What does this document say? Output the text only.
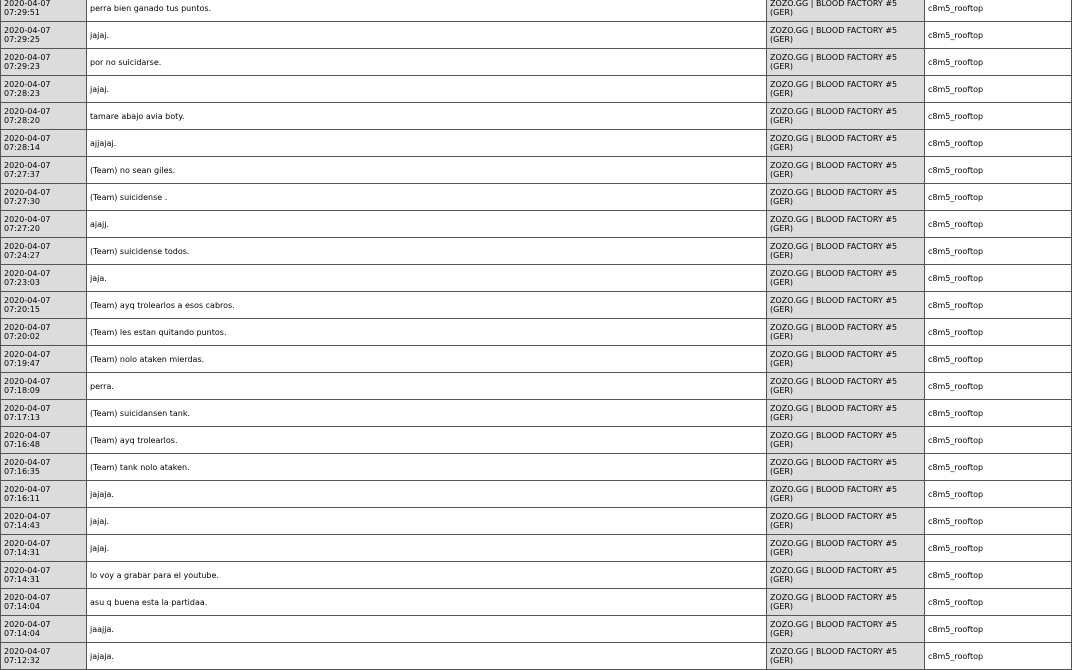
2020-04-07
07:29:51	perra bien ganado tus puntos.	ZOZO.GG | BLOOD FACTORY #5
(GER)	c8m5_rooftop

2020-04-07
07:29:25	jajaj.	ZOZO.GG | BLOOD FACTORY #5
(GER)	c8m5_rooftop

2020-04-07
07:29:23	por no suicidarse.	ZOZO.GG | BLOOD FACTORY #5
(GER)	c8m5_rooftop

2020-04-07
07:28:23	jajaj.	ZOZO.GG | BLOOD FACTORY #5
(GER)	c8m5_rooftop

2020-04-07
07:28:20	tamare abajo avia boty.	ZOZO.GG | BLOOD FACTORY #5
(GER)	c8m5_rooftop

2020-04-07
07:28:14	ajjajaj.	ZOZO.GG | BLOOD FACTORY #5
(GER)	c8m5_rooftop

2020-04-07
07:27:37	(Team) no sean giles.	ZOZO.GG | BLOOD FACTORY #5
(GER)	c8m5_rooftop

2020-04-07
07:27:30	(Team) suicidense .	ZOZO.GG | BLOOD FACTORY #5
(GER)	c8m5_rooftop

2020-04-07
07:27:20	ajajj.	ZOZO.GG | BLOOD FACTORY #5
(GER)	c8m5_rooftop

2020-04-07
07:24:27	(Team) suicidense todos.	ZOZO.GG | BLOOD FACTORY #5
(GER)	c8m5_rooftop

2020-04-07
07:23:03	jaja.	ZOZO.GG | BLOOD FACTORY #5
(GER)	c8m5_rooftop

2020-04-07
07:20:15	(Team) ayq trolearlos a esos cabros.	ZOZO.GG | BLOOD FACTORY #5
(GER)	c8m5_rooftop

2020-04-07
07:20:02	(Team) les estan quitando puntos.	ZOZO.GG | BLOOD FACTORY #5
(GER)	c8m5_rooftop

2020-04-07
07:19:47	(Team) nolo ataken mierdas.	ZOZO.GG | BLOOD FACTORY #5
(GER)	c8m5_rooftop

2020-04-07
07:18:09	perra.	ZOZO.GG | BLOOD FACTORY #5
(GER)	c8m5_rooftop

2020-04-07
07:17:13	(Team) suicidansen tank.	ZOZO.GG | BLOOD FACTORY #5
(GER)	c8m5_rooftop

2020-04-07
07:16:48	(Team) ayq trolearlos.	ZOZO.GG | BLOOD FACTORY #5
(GER)	c8m5_rooftop

2020-04-07
07:16:35	(Team) tank nolo ataken.	ZOZO.GG | BLOOD FACTORY #5
(GER)	c8m5_rooftop

2020-04-07
07:16:11	jajaja.	ZOZO.GG | BLOOD FACTORY #5
(GER)	c8m5_rooftop

2020-04-07
07:14:43	jajaj.	ZOZO.GG | BLOOD FACTORY #5
(GER)	c8m5_rooftop

2020-04-07
07:14:31	jajaj.	ZOZO.GG | BLOOD FACTORY #5
(GER)	c8m5_rooftop

2020-04-07
07:14:31	lo voy a grabar para el youtube.	ZOZO.GG | BLOOD FACTORY #5
(GER)	c8m5_rooftop

2020-04-07
07:14:04	asu q buena esta la partidaa.	ZOZO.GG | BLOOD FACTORY #5
(GER)	c8m5_rooftop

2020-04-07
07:14:04	jaajja.	ZOZO.GG | BLOOD FACTORY #5
(GER)	c8m5_rooftop

2020-04-07
07:12:32	jajaja.	ZOZO.GG | BLOOD FACTORY #5
(GER)	c8m5_rooftop
